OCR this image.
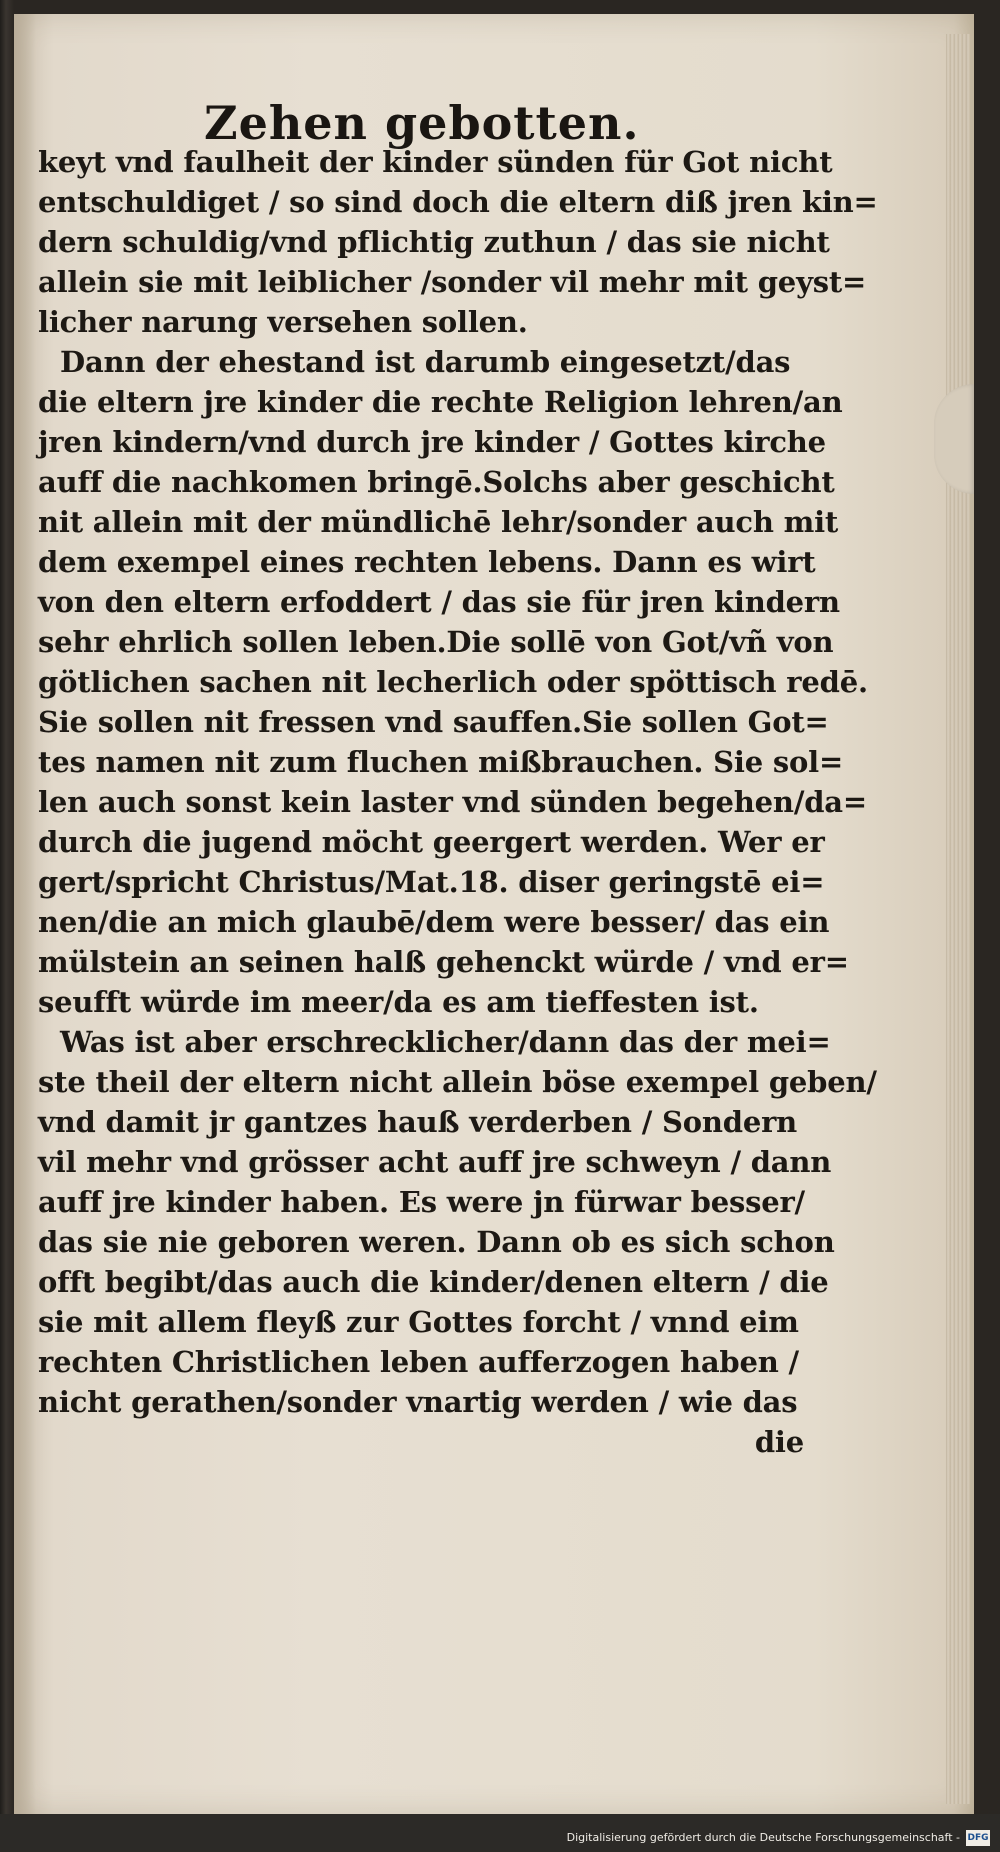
Zehen gebotten.
keyt vnd faulheit der kinder sünden für Got nicht
entschuldiget / so sind doch die eltern diß jren kin=
dern schuldig/vnd pflichtig zuthun / das sie nicht
allein sie mit leiblicher /sonder vil mehr mit geyst=
licher narung versehen sollen.
Dann der ehestand ist darumb eingesetzt/das
die eltern jre kinder die rechte Religion lehren/an
jren kindern/vnd durch jre kinder / Gottes kirche
auff die nachkomen bringē.Solchs aber geschicht
nit allein mit der mündlichē lehr/sonder auch mit
dem exempel eines rechten lebens. Dann es wirt
von den eltern erfoddert / das sie für jren kindern
sehr ehrlich sollen leben.Die sollē von Got/vñ von
götlichen sachen nit lecherlich oder spöttisch redē.
Sie sollen nit fressen vnd sauffen.Sie sollen Got=
tes namen nit zum fluchen mißbrauchen. Sie sol=
len auch sonst kein laster vnd sünden begehen/da=
durch die jugend möcht geergert werden. Wer er
gert/spricht Christus/Mat.18. diser geringstē ei=
nen/die an mich glaubē/dem were besser/ das ein
mülstein an seinen halß gehenckt würde / vnd er=
seufft würde im meer/da es am tieffesten ist.
Was ist aber erschrecklicher/dann das der mei=
ste theil der eltern nicht allein böse exempel geben/
vnd damit jr gantzes hauß verderben / Sondern
vil mehr vnd grösser acht auff jre schweyn / dann
auff jre kinder haben. Es were jn fürwar besser/
das sie nie geboren weren. Dann ob es sich schon
offt begibt/das auch die kinder/denen eltern / die
sie mit allem fleyß zur Gottes forcht / vnnd eim
rechten Christlichen leben aufferzogen haben /
nicht gerathen/sonder vnartig werden / wie das
die
Digitalisierung gefördert durch die Deutsche Forschungsgemeinschaft - DFG
